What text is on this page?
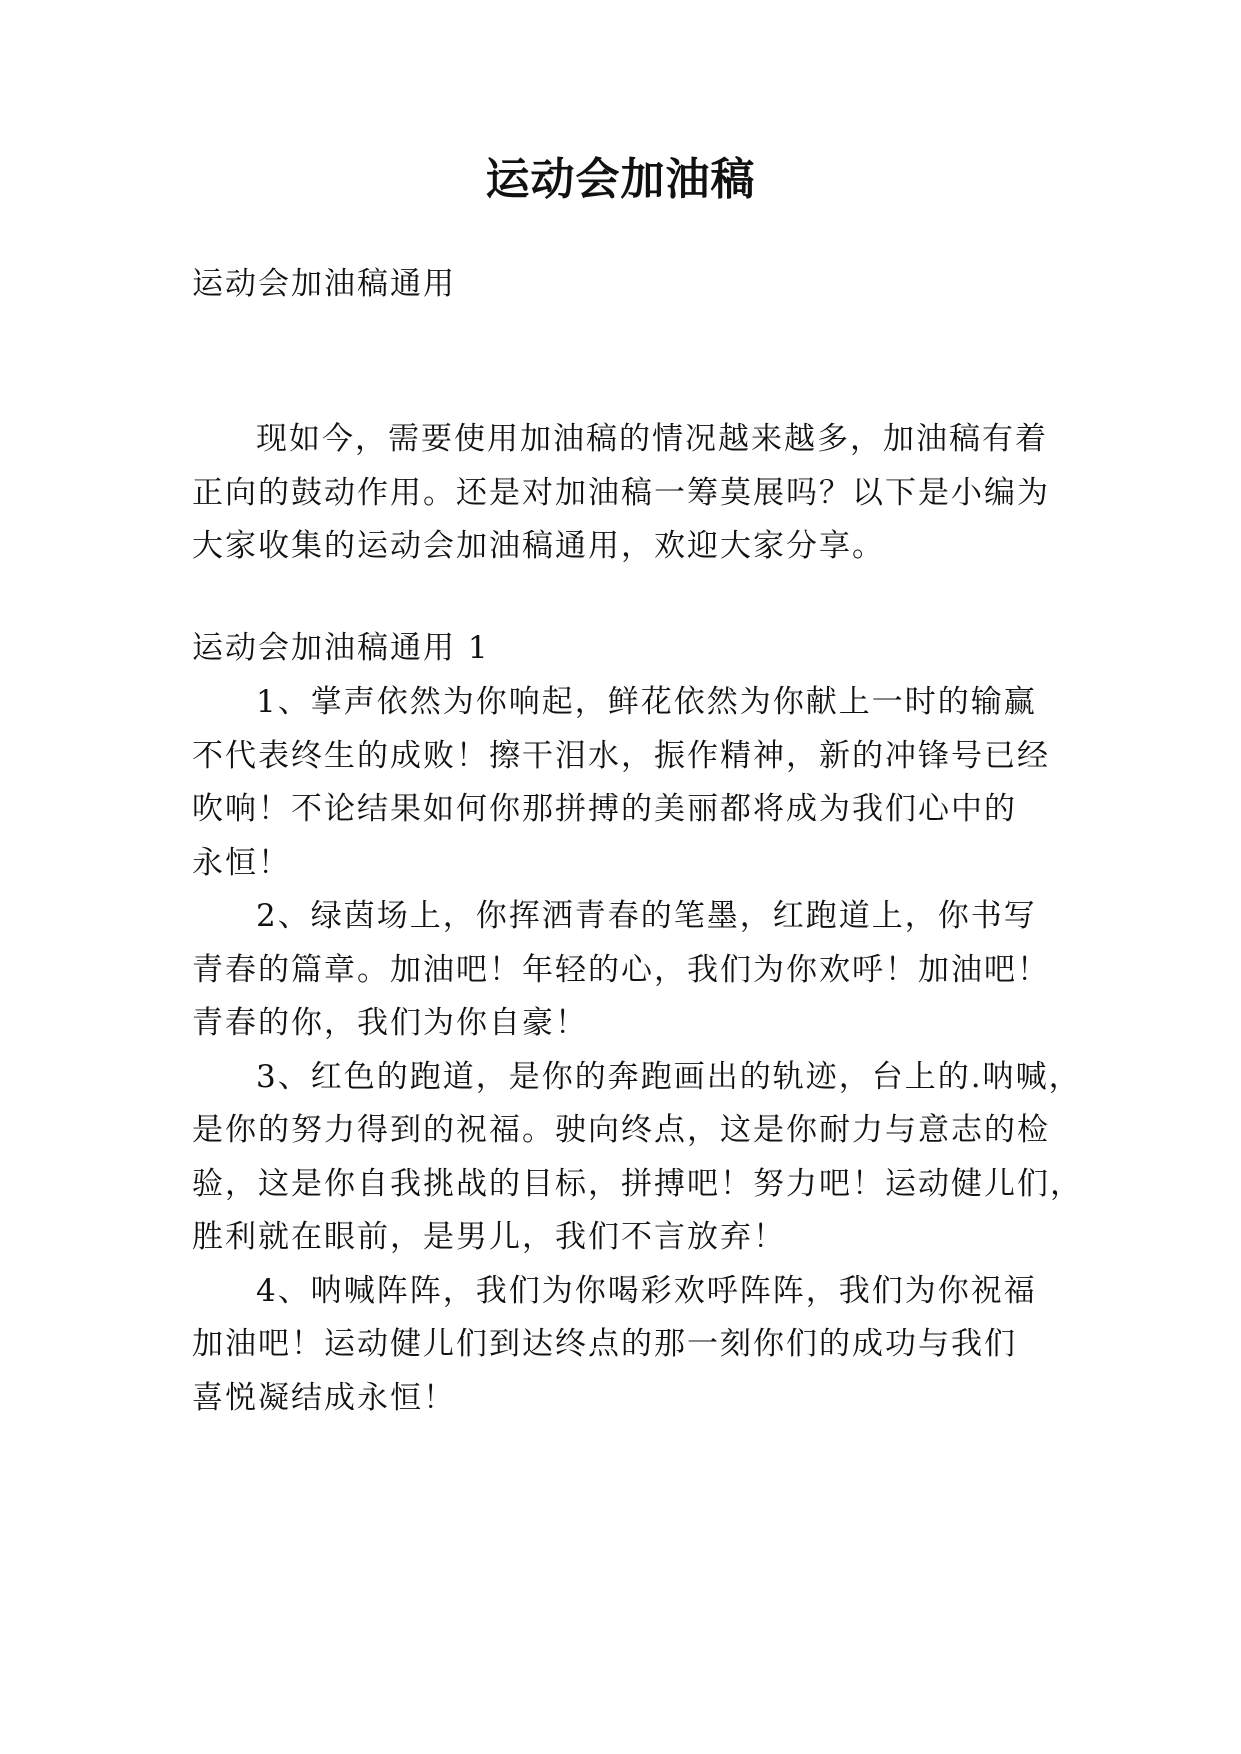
运动会加油稿
运动会加油稿通用
现如今，需要使用加油稿的情况越来越多，加油稿有着
正向的鼓动作用。还是对加油稿一筹莫展吗？以下是小编为
大家收集的运动会加油稿通用，欢迎大家分享。
运动会加油稿通用 1
1、掌声依然为你响起，鲜花依然为你献上一时的输赢
不代表终生的成败！擦干泪水，振作精神，新的冲锋号已经
吹响！不论结果如何你那拼搏的美丽都将成为我们心中的
永恒！
2、绿茵场上，你挥洒青春的笔墨，红跑道上，你书写
青春的篇章。加油吧！年轻的心，我们为你欢呼！加油吧！
青春的你，我们为你自豪！
3、红色的跑道，是你的奔跑画出的轨迹，台上的.呐喊，
是你的努力得到的祝福。驶向终点，这是你耐力与意志的检
验，这是你自我挑战的目标，拼搏吧！努力吧！运动健儿们，
胜利就在眼前，是男儿，我们不言放弃！
4、呐喊阵阵，我们为你喝彩欢呼阵阵，我们为你祝福
加油吧！运动健儿们到达终点的那一刻你们的成功与我们
喜悦凝结成永恒！
